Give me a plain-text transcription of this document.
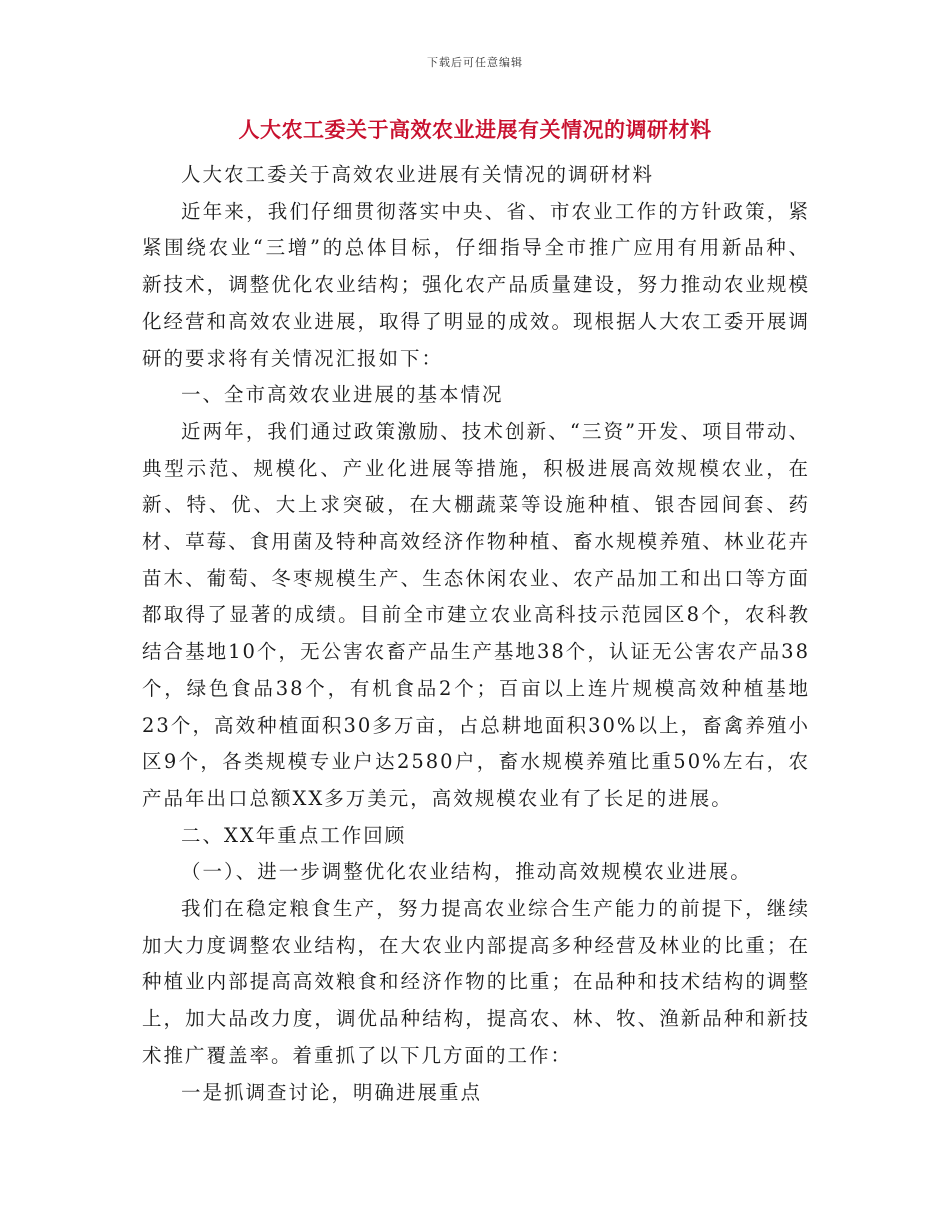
下载后可任意编辑
人大农工委关于高效农业进展有关情况的调研材料

人大农工委关于高效农业进展有关情况的调研材料

近年来，我们仔细贯彻落实中央、省、市农业工作的方针政策，紧紧围绕农业“三增”的总体目标，仔细指导全市推广应用有用新品种、新技术，调整优化农业结构；强化农产品质量建设，努力推动农业规模化经营和高效农业进展，取得了明显的成效。现根据人大农工委开展调研的要求将有关情况汇报如下：

一、全市高效农业进展的基本情况

近两年，我们通过政策激励、技术创新、“三资”开发、项目带动、典型示范、规模化、产业化进展等措施，积极进展高效规模农业，在新、特、优、大上求突破，在大棚蔬菜等设施种植、银杏园间套、药材、草莓、食用菌及特种高效经济作物种植、畜水规模养殖、林业花卉苗木、葡萄、冬枣规模生产、生态休闲农业、农产品加工和出口等方面都取得了显著的成绩。目前全市建立农业高科技示范园区8个，农科教结合基地10个，无公害农畜产品生产基地38个，认证无公害农产品38个，绿色食品38个，有机食品2个；百亩以上连片规模高效种植基地23个，高效种植面积30多万亩，占总耕地面积30%以上，畜禽养殖小区9个，各类规模专业户达2580户，畜水规模养殖比重50%左右，农产品年出口总额XX多万美元，高效规模农业有了长足的进展。

二、XX年重点工作回顾

（一）、进一步调整优化农业结构，推动高效规模农业进展。

我们在稳定粮食生产，努力提高农业综合生产能力的前提下，继续加大力度调整农业结构，在大农业内部提高多种经营及林业的比重；在种植业内部提高高效粮食和经济作物的比重；在品种和技术结构的调整上，加大品改力度，调优品种结构，提高农、林、牧、渔新品种和新技术推广覆盖率。着重抓了以下几方面的工作：

一是抓调查讨论，明确进展重点
